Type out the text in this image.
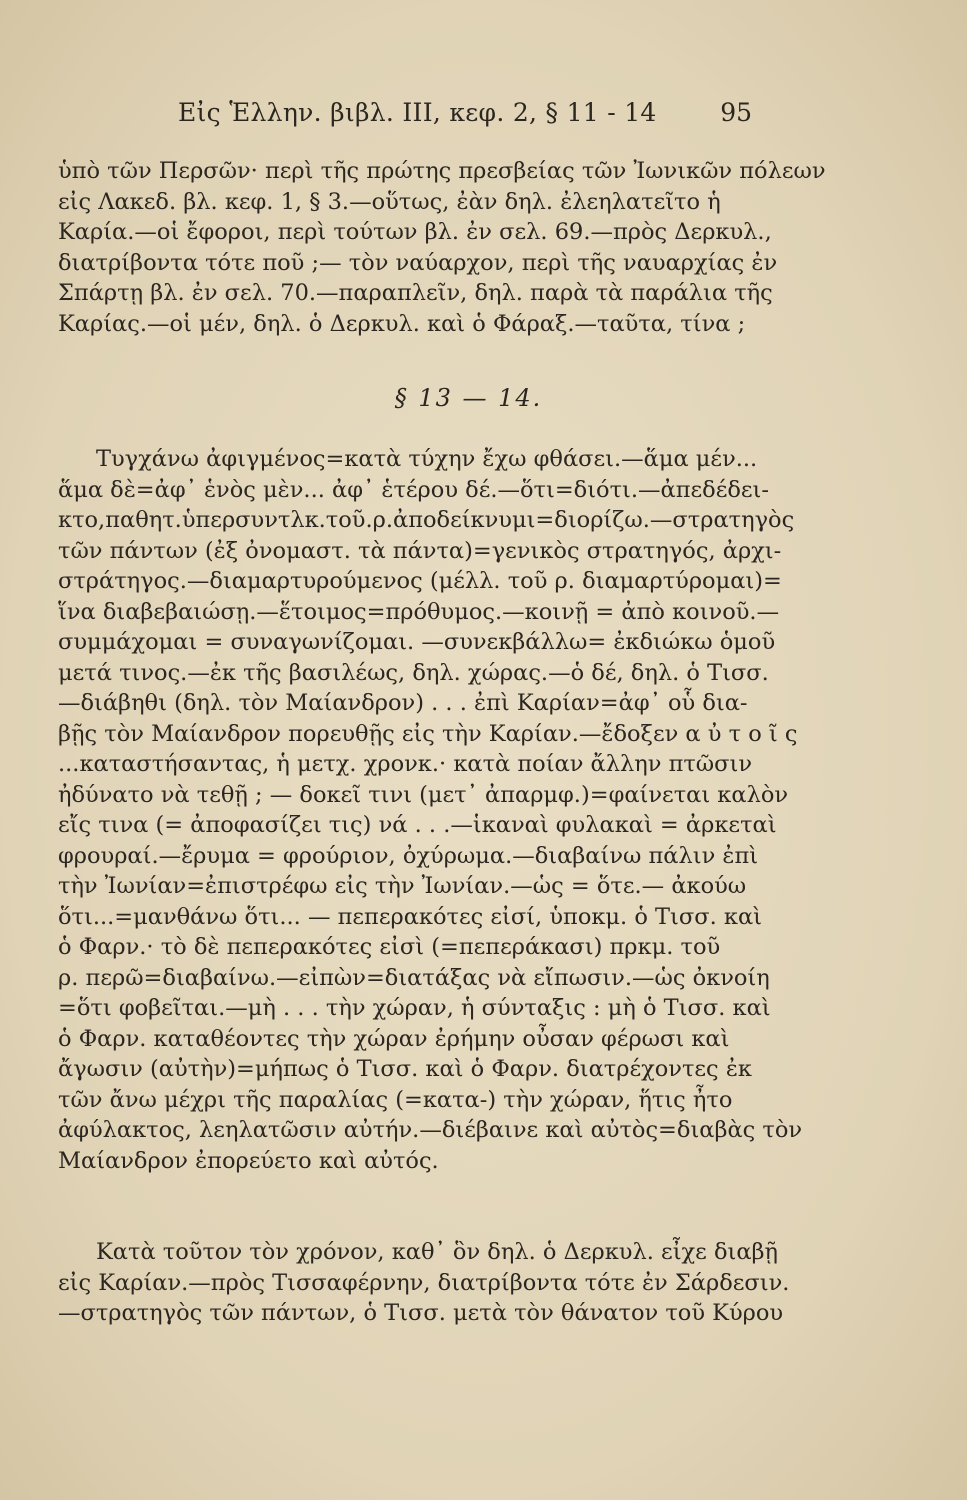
Εἰς Ἑλλην. βιβλ. III, κεφ. 2, § 11 - 14	95
ὑπὸ τῶν Περσῶν· περὶ τῆς πρώτης πρεσβείας τῶν Ἰωνικῶν πόλεων
εἰς Λακεδ. βλ. κεφ. 1, § 3.—οὕτως, ἐὰν δηλ. ἐλεηλατεῖτο ἡ
Καρία.—οἱ ἔφοροι, περὶ τούτων βλ. ἐν σελ. 69.—πρὸς Δερκυλ.,
διατρίβοντα τότε ποῦ ;— τὸν ναύαρχον, περὶ τῆς ναυαρχίας ἐν
Σπάρτῃ βλ. ἐν σελ. 70.—παραπλεῖν, δηλ. παρὰ τὰ παράλια τῆς
Καρίας.—οἱ μέν, δηλ. ὁ Δερκυλ. καὶ ὁ Φάραξ.—ταῦτα, τίνα ;
§ 13 — 14.
Τυγχάνω ἀφιγμένος=κατὰ τύχην ἔχω φθάσει.—ἅμα μέν...
ἅμα δὲ=ἀφ᾽ ἑνὸς μὲν... ἀφ᾽ ἑτέρου δέ.—ὅτι=διότι.—ἀπεδέδει-
κτο,παθητ.ὑπερσυντλκ.τοῦ.ρ.ἀποδείκνυμι=διορίζω.—στρατηγὸς
τῶν πάντων (ἐξ ὀνομαστ. τὰ πάντα)=γενικὸς στρατηγός, ἀρχι-
στράτηγος.—διαμαρτυρούμενος (μέλλ. τοῦ ρ. διαμαρτύρομαι)=
ἵνα διαβεβαιώσῃ.—ἕτοιμος=πρόθυμος.—κοινῇ = ἀπὸ κοινοῦ.—
συμμάχομαι = συναγωνίζομαι. —συνεκβάλλω= ἐκδιώκω ὁμοῦ
μετά τινος.—ἐκ τῆς βασιλέως, δηλ. χώρας.—ὁ δέ, δηλ. ὁ Τισσ.
—διάβηθι (δηλ. τὸν Μαίανδρον) . . . ἐπὶ Καρίαν=ἀφ᾽ οὗ δια-
βῇς τὸν Μαίανδρον πορευθῇς εἰς τὴν Καρίαν.—ἔδοξεν α ὐ τ ο ῖ ς
...καταστήσαντας, ἡ μετχ. χρονκ.· κατὰ ποίαν ἄλλην πτῶσιν
ἠδύνατο νὰ τεθῇ ; — δοκεῖ τινι (μετ᾽ ἀπαρμφ.)=φαίνεται καλὸν
εἴς τινα (= ἀποφασίζει τις) νά . . .—ἱκαναὶ φυλακαὶ = ἀρκεταὶ
φρουραί.—ἔρυμα = φρούριον, ὀχύρωμα.—διαβαίνω πάλιν ἐπὶ
τὴν Ἰωνίαν=ἐπιστρέφω εἰς τὴν Ἰωνίαν.—ὡς = ὅτε.— ἀκούω
ὅτι...=μανθάνω ὅτι... — πεπερακότες εἰσί, ὑποκμ. ὁ Τισσ. καὶ
ὁ Φαρν.· τὸ δὲ πεπερακότες εἰσὶ (=πεπεράκασι) πρκμ. τοῦ
ρ. περῶ=διαβαίνω.—εἰπὼν=διατάξας νὰ εἴπωσιν.—ὡς ὀκνοίη
=ὅτι φοβεῖται.—μὴ . . . τὴν χώραν, ἡ σύνταξις : μὴ ὁ Τισσ. καὶ
ὁ Φαρν. καταθέοντες τὴν χώραν ἐρήμην οὖσαν φέρωσι καὶ
ἄγωσιν (αὐτὴν)=μήπως ὁ Τισσ. καὶ ὁ Φαρν. διατρέχοντες ἐκ
τῶν ἄνω μέχρι τῆς παραλίας (=κατα-) τὴν χώραν, ἥτις ἦτο
ἀφύλακτος, λεηλατῶσιν αὐτήν.—διέβαινε καὶ αὐτὸς=διαβὰς τὸν
Μαίανδρον ἐπορεύετο καὶ αὐτός.
Κατὰ τοῦτον τὸν χρόνον, καθ᾽ ὃν δηλ. ὁ Δερκυλ. εἶχε διαβῇ
εἰς Καρίαν.—πρὸς Τισσαφέρνην, διατρίβοντα τότε ἐν Σάρδεσιν.
—στρατηγὸς τῶν πάντων, ὁ Τισσ. μετὰ τὸν θάνατον τοῦ Κύρου
